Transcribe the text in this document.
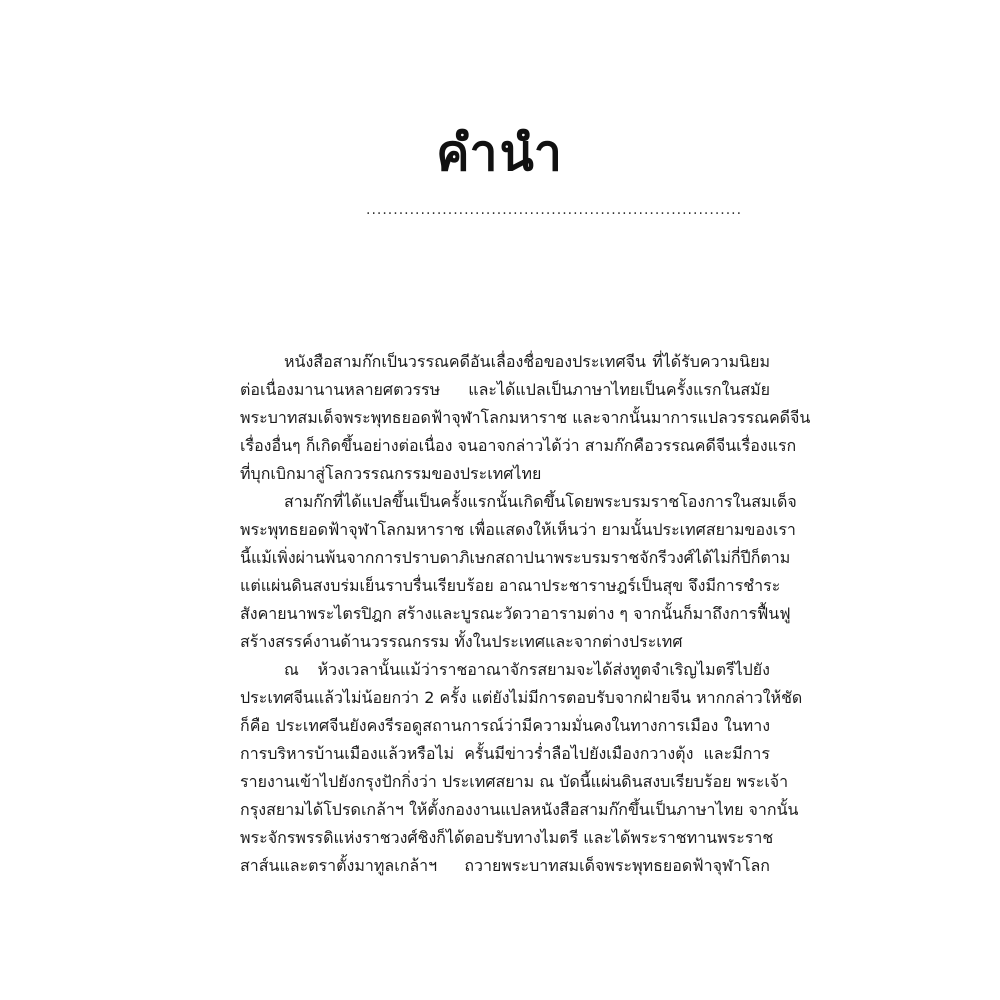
คำนำ
.....................................................................
หนังสือสามก๊กเป็นวรรณคดีอันเลื่องชื่อของประเทศจีน ที่ได้รับความนิยม
ต่อเนื่องมานานหลายศตวรรษ และได้แปลเป็นภาษาไทยเป็นครั้งแรกในสมัย
พระบาทสมเด็จพระพุทธยอดฟ้าจุฬาโลกมหาราช และจากนั้นมาการแปลวรรณคดีจีน
เรื่องอื่นๆ ก็เกิดขึ้นอย่างต่อเนื่อง จนอาจกล่าวได้ว่า สามก๊กคือวรรณคดีจีนเรื่องแรก
ที่บุกเบิกมาสู่โลกวรรณกรรมของประเทศไทย
สามก๊กที่ได้แปลขึ้นเป็นครั้งแรกนั้นเกิดขึ้นโดยพระบรมราชโองการในสมเด็จ
พระพุทธยอดฟ้าจุฬาโลกมหาราช เพื่อแสดงให้เห็นว่า ยามนั้นประเทศสยามของเรา
นี้แม้เพิ่งผ่านพ้นจากการปราบดาภิเษกสถาปนาพระบรมราชจักรีวงศ์ได้ไม่กี่ปีก็ตาม
แต่แผ่นดินสงบร่มเย็นราบรื่นเรียบร้อย อาณาประชาราษฎร์เป็นสุข จึงมีการชำระ
สังคายนาพระไตรปิฎก สร้างและบูรณะวัดวาอารามต่าง ๆ จากนั้นก็มาถึงการฟื้นฟู
สร้างสรรค์งานด้านวรรณกรรม ทั้งในประเทศและจากต่างประเทศ
ณ ห้วงเวลานั้นแม้ว่าราชอาณาจักรสยามจะได้ส่งทูตจำเริญไมตรีไปยัง
ประเทศจีนแล้วไม่น้อยกว่า 2 ครั้ง แต่ยังไม่มีการตอบรับจากฝ่ายจีน หากกล่าวให้ชัด
ก็คือ ประเทศจีนยังคงรีรอดูสถานการณ์ว่ามีความมั่นคงในทางการเมือง ในทาง
การบริหารบ้านเมืองแล้วหรือไม่ ครั้นมีข่าวร่ำลือไปยังเมืองกวางตุ้ง และมีการ
รายงานเข้าไปยังกรุงปักกิ่งว่า ประเทศสยาม ณ บัดนี้แผ่นดินสงบเรียบร้อย พระเจ้า
กรุงสยามได้โปรดเกล้าฯ ให้ตั้งกองงานแปลหนังสือสามก๊กขึ้นเป็นภาษาไทย จากนั้น
พระจักรพรรดิแห่งราชวงศ์ชิงก็ได้ตอบรับทางไมตรี และได้พระราชทานพระราช
สาส์นและตราตั้งมาทูลเกล้าฯ ถวายพระบาทสมเด็จพระพุทธยอดฟ้าจุฬาโลก
